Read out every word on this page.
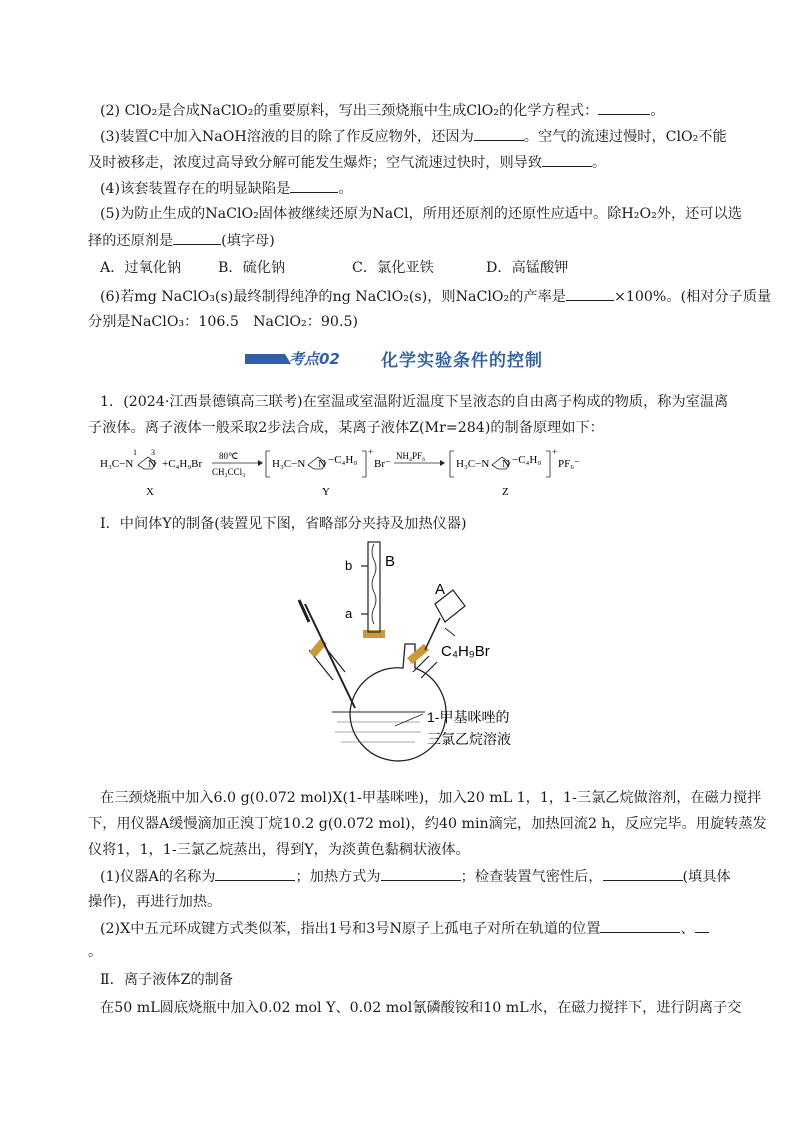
(2) ClO₂是合成NaClO₂的重要原料，写出三颈烧瓶中生成ClO₂的化学方程式：	。
(3)装置C中加入NaOH溶液的目的除了作反应物外，还因为	。空气的流速过慢时，ClO₂不能
及时被移走，浓度过高导致分解可能发生爆炸；空气流速过快时，则导致	。
(4)该套装置存在的明显缺陷是	。
(5)为防止生成的NaClO₂固体被继续还原为NaCl，所用还原剂的还原性应适中。除H₂O₂外，还可以选
择的还原剂是	(填字母)
A．过氧化钠	B．硫化钠	C．氯化亚铁	D．高锰酸钾
(6)若mg NaClO₃(s)最终制得纯净的ng NaClO₂(s)，则NaClO₂的产率是	×100%。(相对分子质量
分别是NaClO₃：106.5　NaClO₂：90.5)
考点02 化学实验条件的控制
1．(2024·江西景德镇高三联考)在室温或室温附近温度下呈液态的自由离子构成的物质，称为室温离
子液体。离子液体一般采取2步法合成，某离子液体Z(Mr=284)的制备原理如下：
H₃C−N
1 3
N +C₄H₉Br
80℃
CH₃CCl₃
H₃C−N N −C₄H₉
+
Br⁻
NH₄PF₆
H₃C−N N −C₄H₉
+
PF₆⁻
X	Y	Z
Ⅰ．中间体Y的制备(装置见下图，省略部分夹持及加热仪器)
b B
a
A
C₄H₉Br
1-甲基咪唑的
三氯乙烷溶液
在三颈烧瓶中加入6.0 g(0.072 mol)X(1-甲基咪唑)，加入20 mL 1，1，1-三氯乙烷做溶剂，在磁力搅拌
下，用仪器A缓慢滴加正溴丁烷10.2 g(0.072 mol)，约40 min滴完，加热回流2 h，反应完毕。用旋转蒸发
仪将1，1，1-三氯乙烷蒸出，得到Y，为淡黄色黏稠状液体。
(1)仪器A的名称为	；加热方式为	；检查装置气密性后，	(填具体
操作)，再进行加热。
(2)X中五元环成键方式类似苯，指出1号和3号N原子上孤电子对所在轨道的位置	、
。
Ⅱ．离子液体Z的制备
在50 mL圆底烧瓶中加入0.02 mol Y、0.02 mol氰磷酸铵和10 mL水，在磁力搅拌下，进行阴离子交
